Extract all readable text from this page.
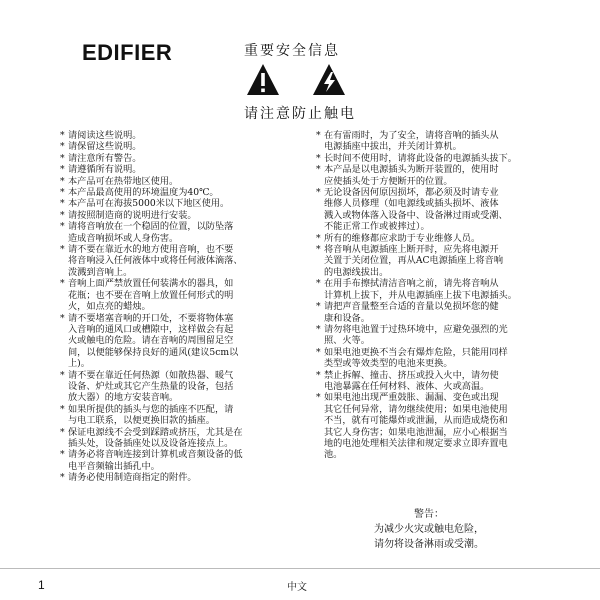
EDIFIER	重要安全信息
请注意防止触电
* 请阅读这些说明。
* 请保留这些说明。
* 请注意所有警告。
* 请遵循所有说明。
* 本产品可在热带地区使用。
* 本产品最高使用的环境温度为40℃。
* 本产品可在海拔5000米以下地区使用。
* 请按照制造商的说明进行安装。
* 请将音响放在一个稳固的位置，以防坠落
造成音响损坏或人身伤害。
* 请不要在靠近水的地方使用音响，也不要
将音响浸入任何液体中或将任何液体滴落、
泼溅到音响上。
* 音响上面严禁放置任何装满水的器具，如
花瓶；也不要在音响上放置任何形式的明
火，如点亮的蜡烛。
* 请不要堵塞音响的开口处，不要将物体塞
入音响的通风口或槽隙中，这样做会有起
火或触电的危险。请在音响的周围留足空
间，以便能够保持良好的通风(建议5cm以
上)。
* 请不要在靠近任何热源（如散热器、暖气
设备、炉灶或其它产生热量的设备，包括
放大器）的地方安装音响。
* 如果所提供的插头与您的插座不匹配，请
与电工联系，以便更换旧款的插座。
* 保证电源线不会受到踩踏或挤压，尤其是在
插头处，设备插座处以及设备连接点上。
* 请务必将音响连接到计算机或音频设备的低
电平音频输出插孔中。
* 请务必使用制造商指定的附件。
* 在有雷雨时，为了安全，请将音响的插头从
电源插座中拔出，并关闭计算机。
* 长时间不使用时，请将此设备的电源插头拔下。
* 本产品是以电源插头为断开装置的，使用时
应使插头处于方便断开的位置。
* 无论设备因何原因损坏，都必须及时请专业
维修人员修理（如电源线或插头损坏、液体
溅入或物体落入设备中、设备淋过雨或受潮、
不能正常工作或被摔过）。
* 所有的维修都应求助于专业维修人员。
* 将音响从电源插座上断开时，应先将电源开
关置于关闭位置，再从AC电源插座上将音响
的电源线拔出。
* 在用手布擦拭清洁音响之前，请先将音响从
计算机上拔下，并从电源插座上拔下电源插头。
* 请把声音量整至合适的音量以免损坏您的健
康和设备。
* 请勿将电池置于过热环境中，应避免强烈的光
照、火等。
* 如果电池更换不当会有爆炸危险，只能用同样
类型或等效类型的电池来更换。
* 禁止拆解、撞击、挤压或投入火中，请勿使
电池暴露在任何材料、液体、火或高温。
* 如果电池出现严重鼓胀、漏漏、变色或出现
其它任何异常，请勿继续使用；如果电池使用
不当，就有可能爆炸或泄漏，从而造成烧伤和
其它人身伤害；如果电池泄漏，应小心根据当
地的电池处理相关法律和规定要求立即弃置电
池。
警告：
为减少火灾或触电危险，
请勿将设备淋雨或受潮。
1	中文
